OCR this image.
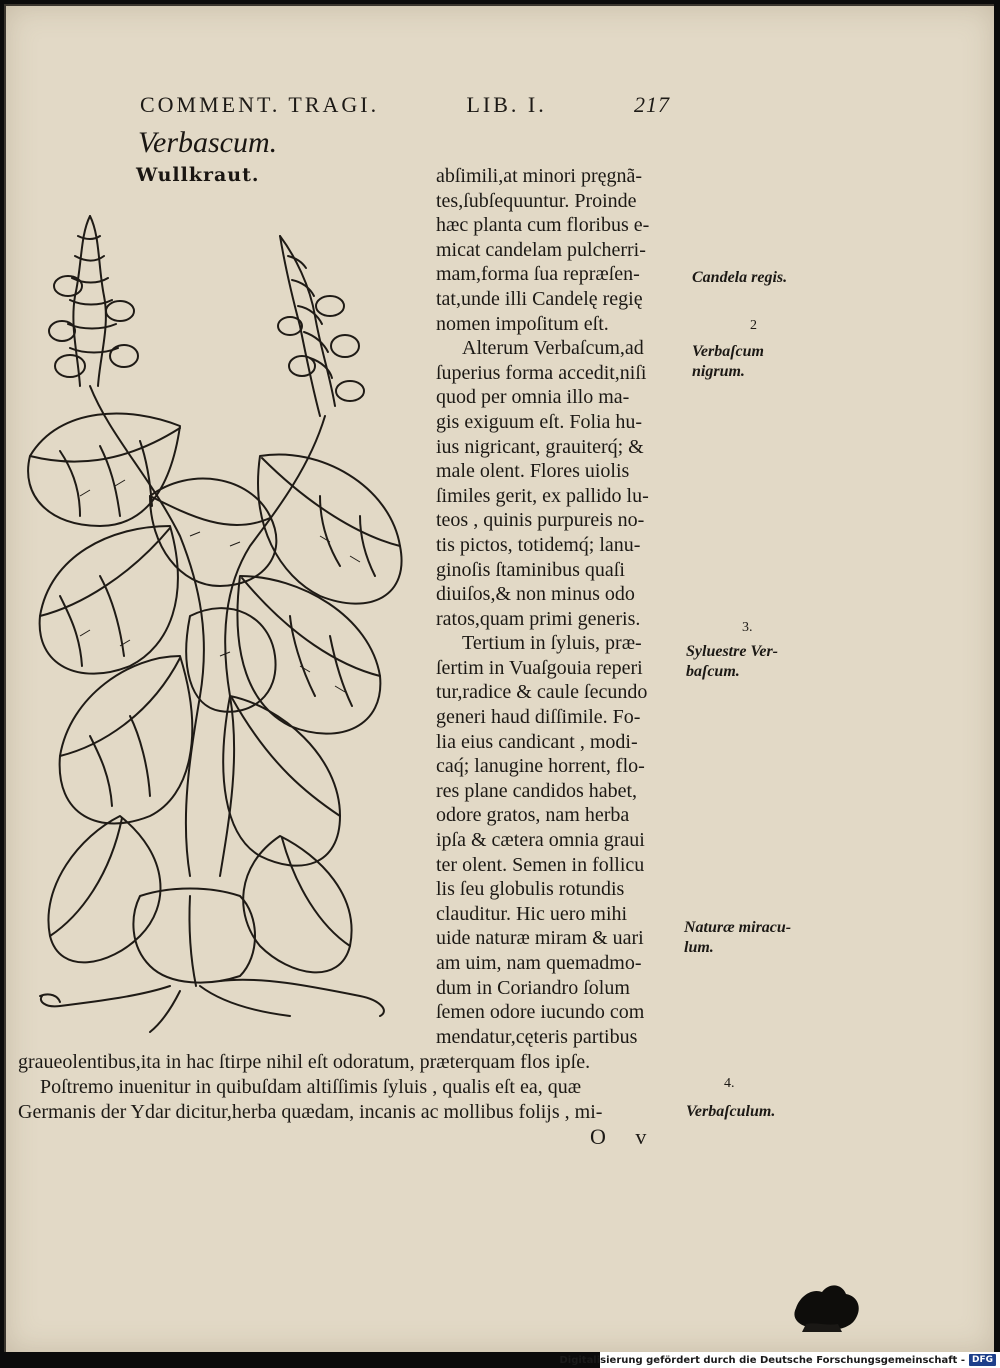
COMMENT. TRAGI.	LIB. I.	217
Verbascum.
Wullkraut.	abſimili,at minori pręgnã-
tes,ſubſequuntur. Proinde
hæc planta cum floribus e-
micat candelam pulcherri-
mam,forma ſua repræſen-
tat,unde illi Candelę regię
nomen impoſitum eſt.
Alterum Verbaſcum,ad
ſuperius forma accedit,niſi
quod per omnia illo ma-
gis exiguum eſt. Folia hu-
ius nigricant, grauiterq́; &
male olent. Flores uiolis
ſimiles gerit, ex pallido lu-
teos , quinis purpureis no-
tis pictos, totidemq́; lanu-
ginoſis ſtaminibus quaſi
diuiſos,& non minus odo
ratos,quam primi generis.
Tertium in ſyluis, præ-
ſertim in Vuaſgouia reperi
tur,radice & caule ſecundo
generi haud diſſimile. Fo-
lia eius candicant , modi-
caq́; lanugine horrent, flo-
res plane candidos habet,
odore gratos, nam herba
ipſa & cætera omnia graui
ter olent. Semen in follicu
lis ſeu globulis rotundis
clauditur. Hic uero mihi
uide naturæ miram & uari
am uim, nam quemadmo-
dum in Coriandro ſolum
ſemen odore iucundo com
mendatur,cęteris partibus
graueolentibus,ita in hac ſtirpe nihil eſt odoratum, præterquam flos ipſe.
Poſtremo inuenitur in quibuſdam altiſſimis ſyluis , qualis eſt ea, quæ
Germanis der Ydar dicitur,herba quædam, incanis ac mollibus folijs , mi-
O v
Candela regis.
2
Verbaſcum nigrum.
3.
Syluestre Ver-baſcum.
Naturæ miracu-lum.
4.
Verbaſculum.
Digitalisierung gefördert durch die Deutsche Forschungsgemeinschaft - DFG
